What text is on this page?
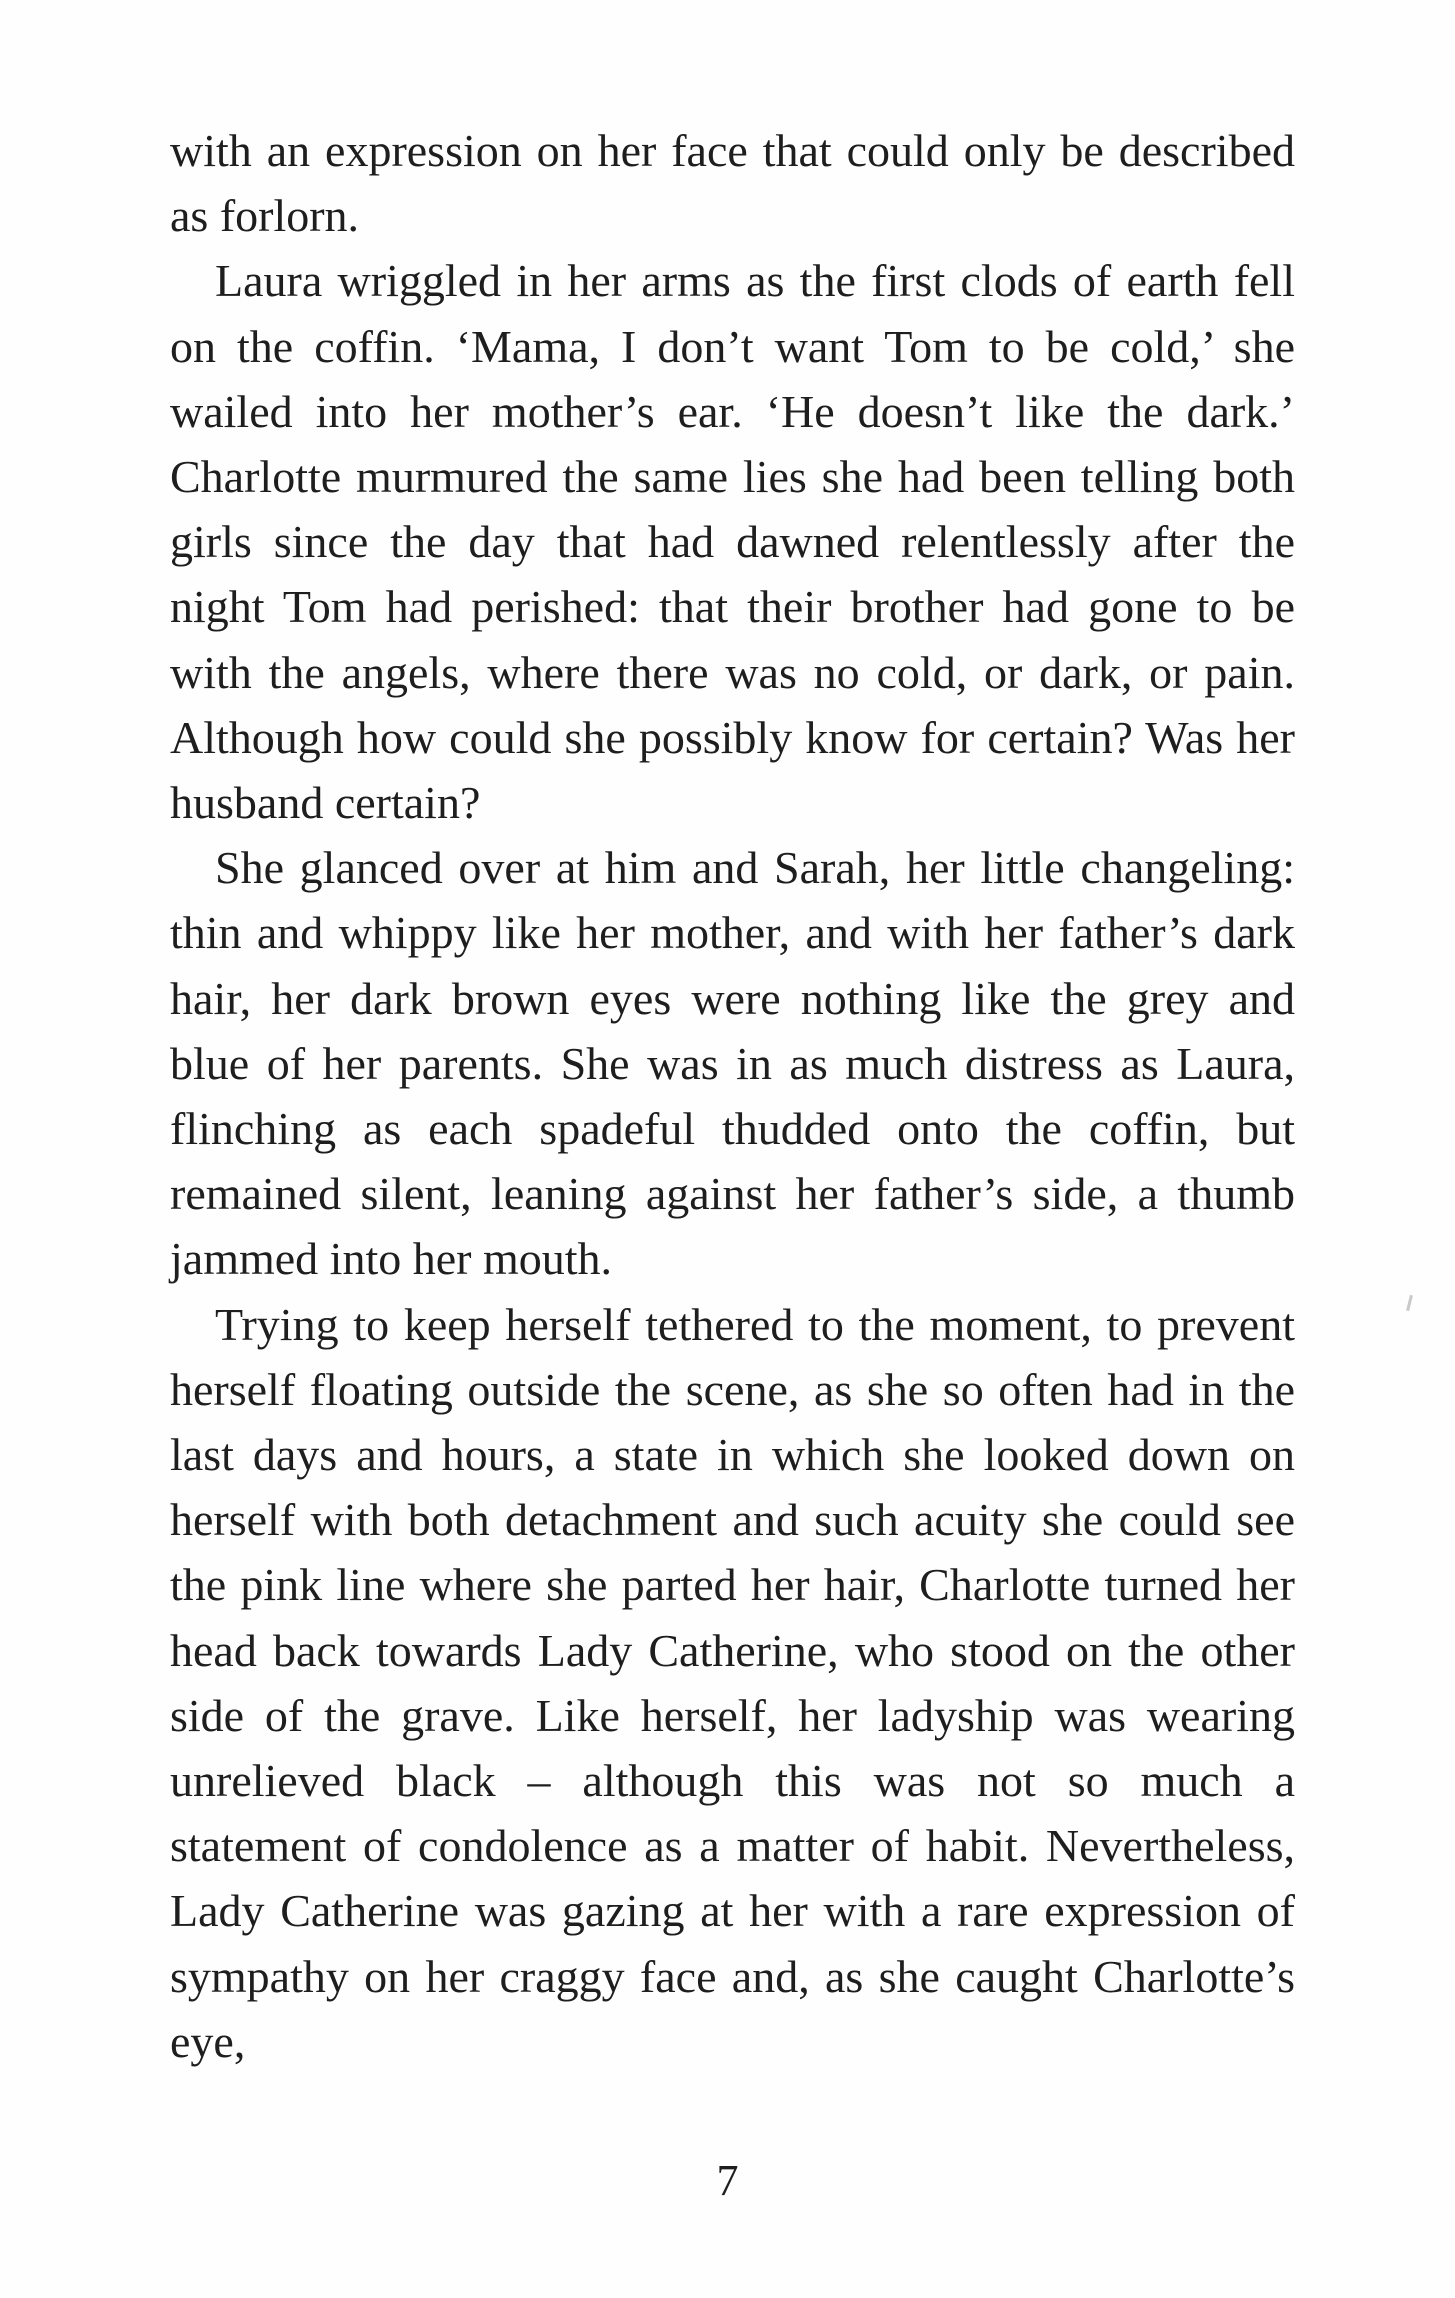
with an expression on her face that could only be described as forlorn.

Laura wriggled in her arms as the first clods of earth fell on the coffin. ‘Mama, I don’t want Tom to be cold,’ she wailed into her mother’s ear. ‘He doesn’t like the dark.’ Charlotte murmured the same lies she had been telling both girls since the day that had dawned relentlessly after the night Tom had perished: that their brother had gone to be with the angels, where there was no cold, or dark, or pain. Although how could she possibly know for certain? Was her husband certain?

She glanced over at him and Sarah, her little changeling: thin and whippy like her mother, and with her father’s dark hair, her dark brown eyes were nothing like the grey and blue of her parents. She was in as much distress as Laura, flinching as each spadeful thudded onto the coffin, but remained silent, leaning against her father’s side, a thumb jammed into her mouth.

Trying to keep herself tethered to the moment, to prevent herself floating outside the scene, as she so often had in the last days and hours, a state in which she looked down on herself with both detachment and such acuity she could see the pink line where she parted her hair, Charlotte turned her head back towards Lady Catherine, who stood on the other side of the grave. Like herself, her ladyship was wearing unrelieved black – although this was not so much a statement of condolence as a matter of habit. Nevertheless, Lady Catherine was gazing at her with a rare expression of sympathy on her craggy face and, as she caught Charlotte’s eye,

7
